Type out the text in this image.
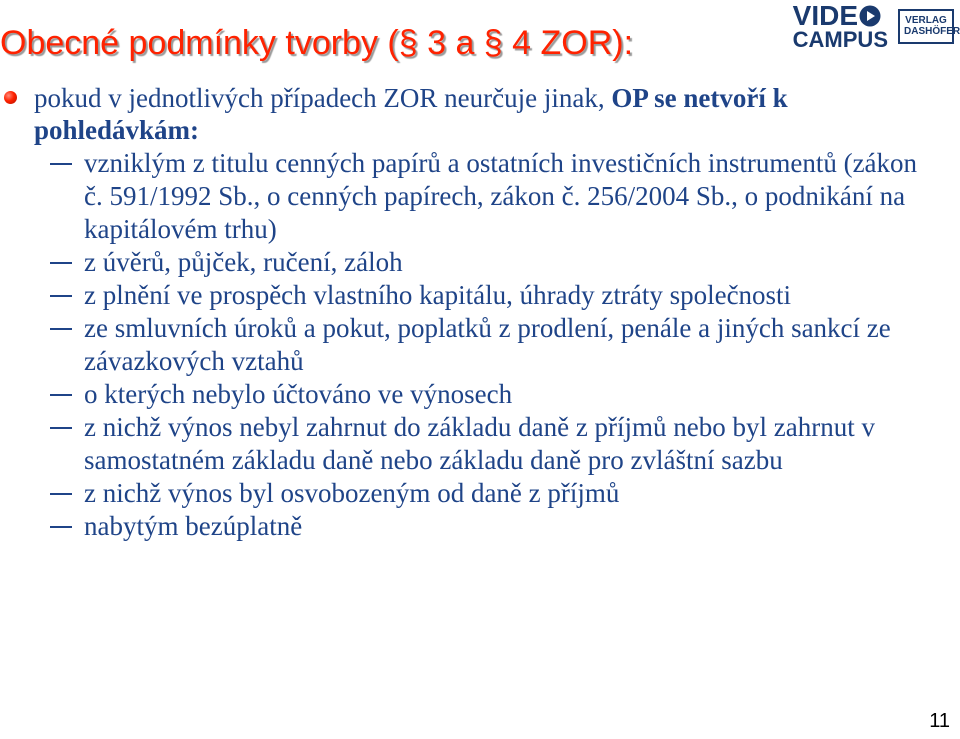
Obecné podmínky tvorby (§ 3 a § 4 ZOR):
VIDE
CAMPUS
VERLAG
DASHÖFER
pokud v jednotlivých případech ZOR neurčuje jinak, OP se netvoří k pohledávkám:
vzniklým z titulu cenných papírů a ostatních investičních instrumentů (zákon č. 591/1992 Sb., o cenných papírech, zákon č. 256/2004 Sb., o podnikání na kapitálovém trhu)
z úvěrů, půjček, ručení, záloh
z plnění ve prospěch vlastního kapitálu, úhrady ztráty společnosti
ze smluvních úroků a pokut, poplatků z prodlení, penále a jiných sankcí ze závazkových vztahů
o kterých nebylo účtováno ve výnosech
z nichž výnos nebyl zahrnut do základu daně z příjmů nebo byl zahrnut v samostatném základu daně nebo základu daně pro zvláštní sazbu
z nichž výnos byl osvobozeným od daně z příjmů
nabytým bezúplatně
11
